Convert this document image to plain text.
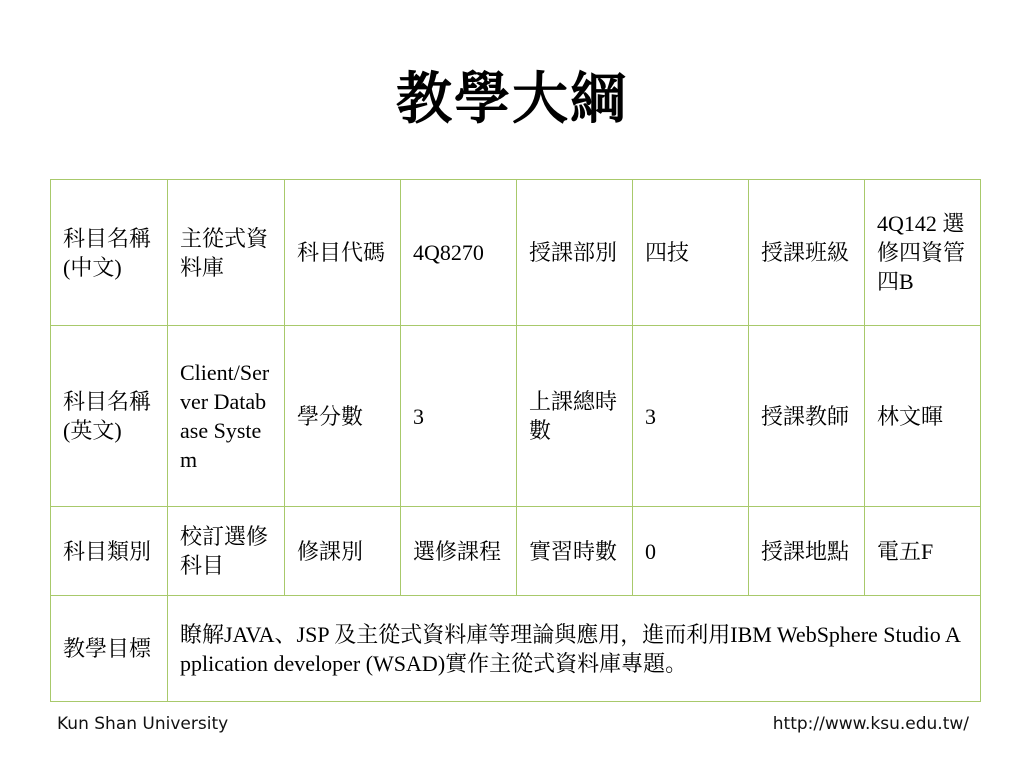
教學大綱
科目名稱(中文)	主從式資料庫	科目代碼	4Q8270	授課部別	四技	授課班級	4Q142 選修四資管四B
科目名稱(英文)	Client/Server Database System	學分數	3	上課總時數	3	授課教師	林文暉
科目類別	校訂選修科目	修課別	選修課程	實習時數	0	授課地點	電五F
教學目標	瞭解JAVA、JSP 及主從式資料庫等理論與應用，進而利用IBM WebSphere Studio Application developer (WSAD)實作主從式資料庫專題。						
Kun Shan University	http://www.ksu.edu.tw/
